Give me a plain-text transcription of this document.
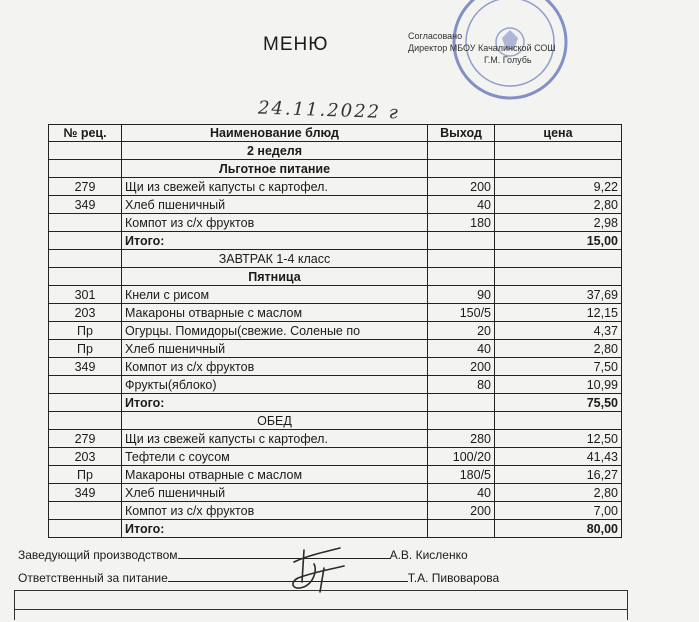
МЕНЮ	Согласовано
Директор МБОУ Качалинской СОШ
Г.М. Голубь
24.11.2022 г
№ рец.	Наименование блюд	Выход	цена
	2 неделя		
	Льготное питание		
279	Щи из свежей капусты с картофел.	200	9,22
349	Хлеб пшеничный	40	2,80
	Компот из с/х фруктов	180	2,98
	Итого:		15,00
	ЗАВТРАК 1-4 класс		
	Пятница		
301	Кнели с рисом	90	37,69
203	Макароны отварные с маслом	150/5	12,15
Пр	Огурцы. Помидоры(свежие. Соленые по	20	4,37
Пр	Хлеб пшеничный	40	2,80
349	Компот из с/х фруктов	200	7,50
	Фрукты(яблоко)	80	10,99
	Итого:		75,50
	ОБЕД		
279	Щи из свежей капусты с картофел.	280	12,50
203	Тефтели с соусом	100/20	41,43
Пр	Макароны отварные с маслом	180/5	16,27
349	Хлеб пшеничный	40	2,80
	Компот из с/х фруктов	200	7,00
	Итого:		80,00
Заведующий производством	А.В. Кисленко
Ответственный за питание	Т.А. Пивоварова
